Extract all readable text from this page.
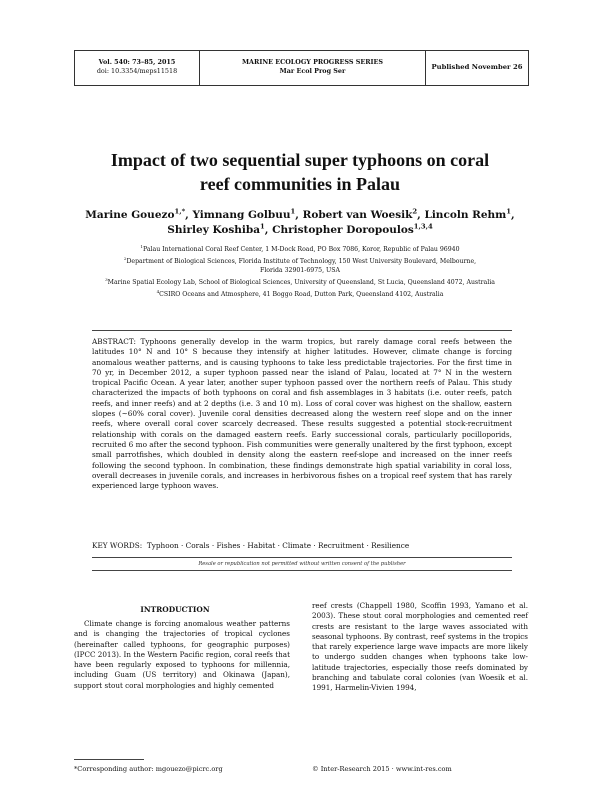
Vol. 540: 73–85, 2015
doi: 10.3354/meps11518
MARINE ECOLOGY PROGRESS SERIES
Mar Ecol Prog Ser	Published November 26
Impact of two sequential super typhoons on coral
reef communities in Palau
Marine Gouezo$^{1,*}$, Yimnang Golbuu$^1$, Robert van Woesik$^2$, Lincoln Rehm$^1$,
Shirley Koshiba$^1$, Christopher Doropoulos$^{1,3,4}$
$^1$Palau International Coral Reef Center, 1 M-Dock Road, PO Box 7086, Koror, Republic of Palau 96940
$^2$Department of Biological Sciences, Florida Institute of Technology, 150 West University Boulevard, Melbourne,
Florida 32901-6975, USA
$^3$Marine Spatial Ecology Lab, School of Biological Sciences, University of Queensland, St Lucia, Queensland 4072, Australia
$^4$CSIRO Oceans and Atmosphere, 41 Boggo Road, Dutton Park, Queensland 4102, Australia
ABSTRACT: Typhoons generally develop in the warm tropics, but rarely damage coral reefs between the latitudes 10° N and 10° S because they intensify at higher latitudes. However, climate change is forcing anomalous weather patterns, and is causing typhoons to take less predictable trajectories. For the first time in 70 yr, in December 2012, a super typhoon passed near the island of Palau, located at 7° N in the western tropical Pacific Ocean. A year later, another super typhoon passed over the northern reefs of Palau. This study characterized the impacts of both typhoons on coral and fish assemblages in 3 habitats (i.e. outer reefs, patch reefs, and inner reefs) and at 2 depths (i.e. 3 and 10 m). Loss of coral cover was highest on the shallow, eastern slopes (~60% coral cover). Juvenile coral densities decreased along the western reef slope and on the inner reefs, where overall coral cover scarcely decreased. These results suggested a potential stock-recruitment relationship with corals on the damaged eastern reefs. Early successional corals, particularly pocilloporids, recruited 6 mo after the second typhoon. Fish communities were generally unaltered by the first typhoon, except small parrotfishes, which doubled in density along the eastern reef-slope and increased on the inner reefs following the second typhoon. In combination, these findings demonstrate high spatial variability in coral loss, overall decreases in juvenile corals, and increases in herbivorous fishes on a tropical reef system that has rarely experienced large typhoon waves.
KEY WORDS: Typhoon · Corals · Fishes · Habitat · Climate · Recruitment · Resilience
Resale or republication not permitted without written consent of the publisher
INTRODUCTION
Climate change is forcing anomalous weather patterns and is changing the trajectories of tropical cyclones (hereinafter called typhoons, for geographic purposes) (IPCC 2013). In the Western Pacific region, coral reefs that have been regularly exposed to typhoons for millennia, including Guam (US territory) and Okinawa (Japan), support stout coral morphologies and highly cemented
reef crests (Chappell 1980, Scoffin 1993, Yamano et al. 2003). These stout coral morphologies and cemented reef crests are resistant to the large waves associated with seasonal typhoons. By contrast, reef systems in the tropics that rarely experience large wave impacts are more likely to undergo sudden changes when typhoons take low-latitude trajectories, especially those reefs dominated by branching and tabulate coral colonies (van Woesik et al. 1991, Harmelin-Vivien 1994,
*Corresponding author: mgouezo@picrc.org	© Inter-Research 2015 · www.int-res.com
